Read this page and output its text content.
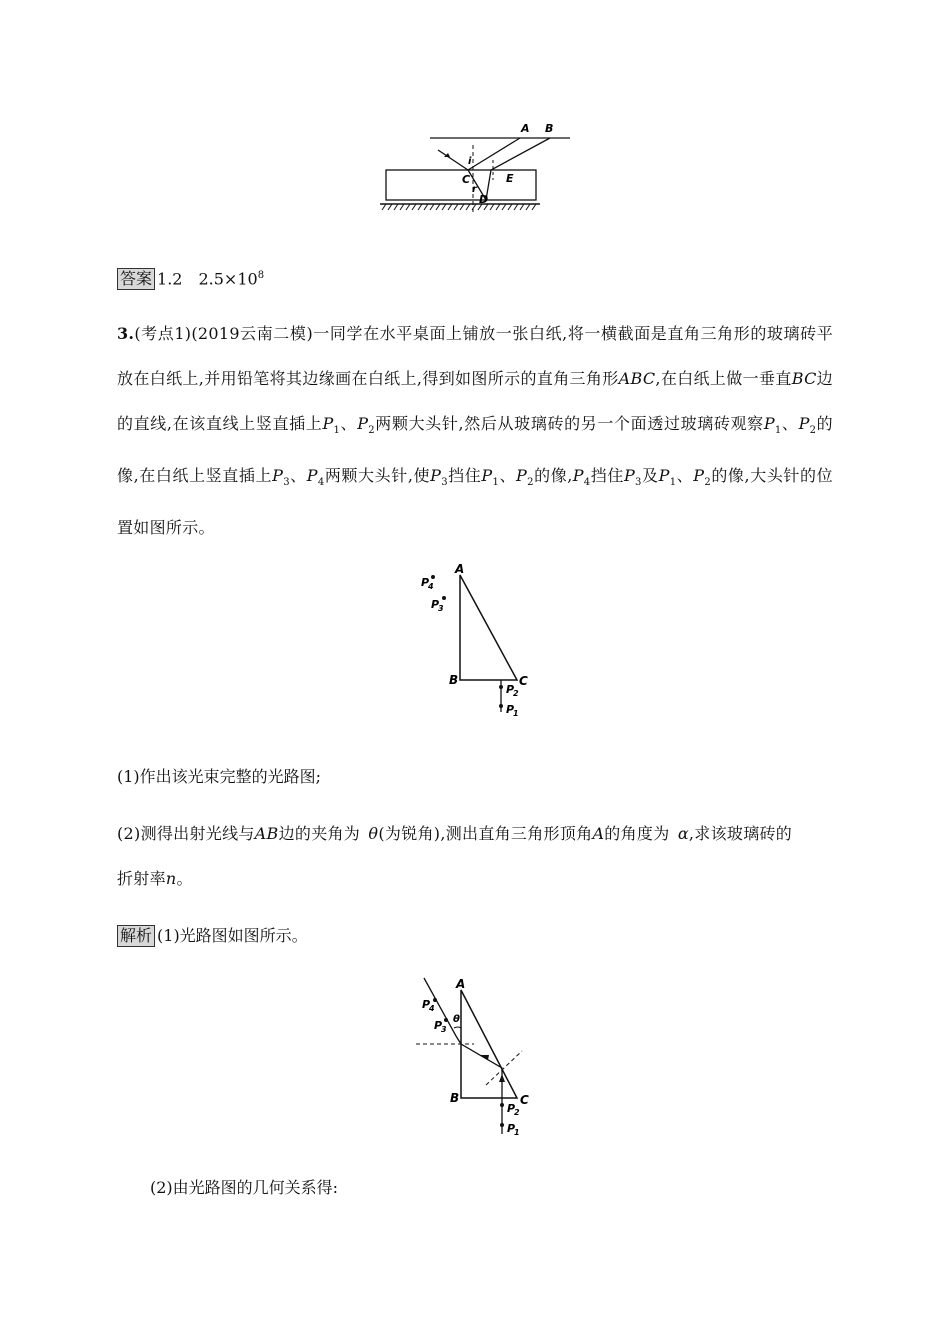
A B
C
D
E
i
r
答案 1.2　$2.5\times 10^8$
3.(考点1)(2019云南二模)一同学在水平桌面上铺放一张白纸,将一横截面是直角三角形的玻璃砖平放在白纸上,并用铅笔将其边缘画在白纸上,得到如图所示的直角三角形ABC,在白纸上做一垂直BC边的直线,在该直线上竖直插上$P_1$、$P_2$两颗大头针,然后从玻璃砖的另一个面透过玻璃砖观察$P_1$、$P_2$的像,在白纸上竖直插上$P_3$、$P_4$两颗大头针,使$P_3$挡住$P_1$、$P_2$的像$,P_4$挡住$P_3$及$P_1$、$P_2$的像,大头针的位置如图所示。
A
B	C
P
4
P
3
P
2
P
1
(1)作出该光束完整的光路图;
(2)测得出射光线与AB边的夹角为  θ(为锐角),测出直角三角形顶角A的角度为  α,求该玻璃砖的
折射率n。
解析 (1)光路图如图所示。
A
B	C
θ
P
4
P
3
P
2
P
1
(2)由光路图的几何关系得:
